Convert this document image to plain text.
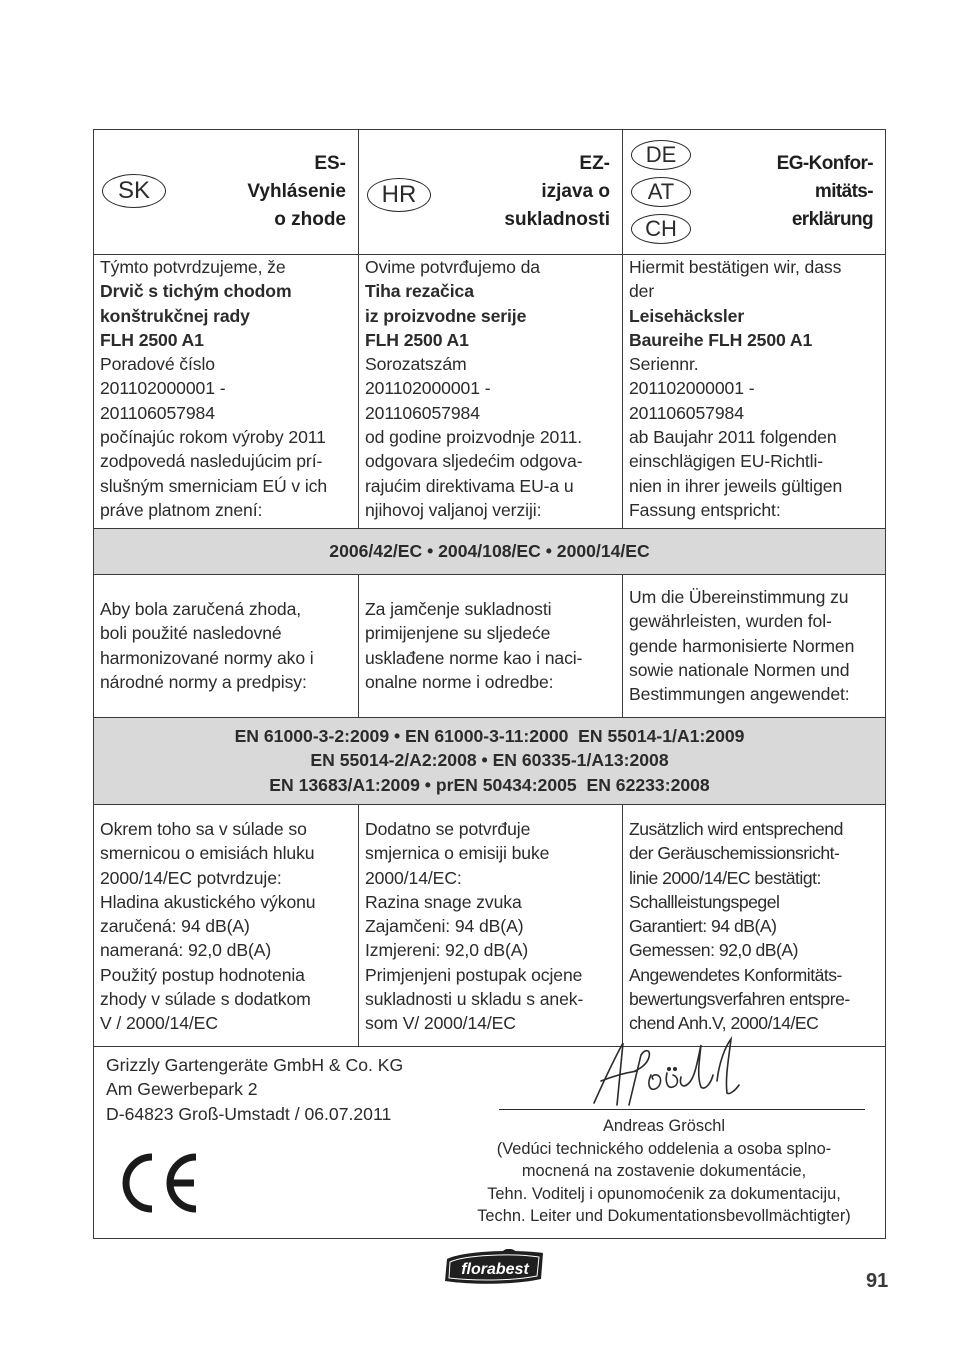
SK
ES-
Vyhlásenie
o zhode
HR
EZ-
izjava o
sukladnosti
DE
AT
CH
EG-Konfor-
mitäts-
erklärung
Týmto potvrdzujeme, že
Drvič s tichým chodom
konštrukčnej rady
FLH 2500 A1
Poradové číslo
201102000001 -
201106057984
počínajúc rokom výroby 2011
zodpovedá nasledujúcim prí-
slušným smerniciam EÚ v ich
práve platnom znení:
Ovime potvrđujemo da
Tiha rezačica
iz proizvodne serije
FLH 2500 A1
Sorozatszám
201102000001 -
201106057984
od godine proizvodnje 2011.
odgovara sljedećim odgova-
rajućim direktivama EU-a u
njihovoj valjanoj verziji:
Hiermit bestätigen wir, dass
der
Leisehäcksler
Baureihe FLH 2500 A1
Seriennr.
201102000001 -
201106057984
ab Baujahr 2011 folgenden
einschlägigen EU-Richtli-
nien in ihrer jeweils gültigen
Fassung entspricht:
2006/42/EC • 2004/108/EC • 2000/14/EC
Aby bola zaručená zhoda,
boli použité nasledovné
harmonizované normy ako i
národné normy a predpisy:
Za jamčenje sukladnosti
primijenjene su sljedeće
usklađene norme kao i naci-
onalne norme i odredbe:
Um die Übereinstimmung zu
gewährleisten, wurden fol-
gende harmonisierte Normen
sowie nationale Normen und
Bestimmungen angewendet:
EN 61000-3-2:2009 • EN 61000-3-11:2000  EN 55014-1/A1:2009
EN 55014-2/A2:2008 • EN 60335-1/A13:2008
EN 13683/A1:2009 • prEN 50434:2005  EN 62233:2008
Okrem toho sa v súlade so
smernicou o emisiách hluku
2000/14/EC potvrdzuje:
Hladina akustického výkonu
zaručená: 94 dB(A)
nameraná: 92,0 dB(A)
Použitý postup hodnotenia
zhody v súlade s dodatkom
V / 2000/14/EC
Dodatno se potvrđuje
smjernica o emisiji buke
2000/14/EC:
Razina snage zvuka
Zajamčeni: 94 dB(A)
Izmjereni: 92,0 dB(A)
Primjenjeni postupak ocjene
sukladnosti u skladu s anek-
som V/ 2000/14/EC
Zusätzlich wird entsprechend
der Geräuschemissionsricht-
linie 2000/14/EC bestätigt:
Schallleistungspegel
Garantiert: 94 dB(A)
Gemessen: 92,0 dB(A)
Angewendetes Konformitäts-
bewertungsverfahren entspre-
chend Anh.V, 2000/14/EC
Grizzly Gartengeräte GmbH & Co. KG
Am Gewerbepark 2
D-64823 Groß-Umstadt / 06.07.2011
Andreas Gröschl
(Vedúci technického oddelenia a osoba splno-
mocnená na zostavenie dokumentácie,
Tehn. Voditelj i opunomoćenik za dokumentaciju,
Techn. Leiter und Dokumentationsbevollmächtigter)
florabest
91
